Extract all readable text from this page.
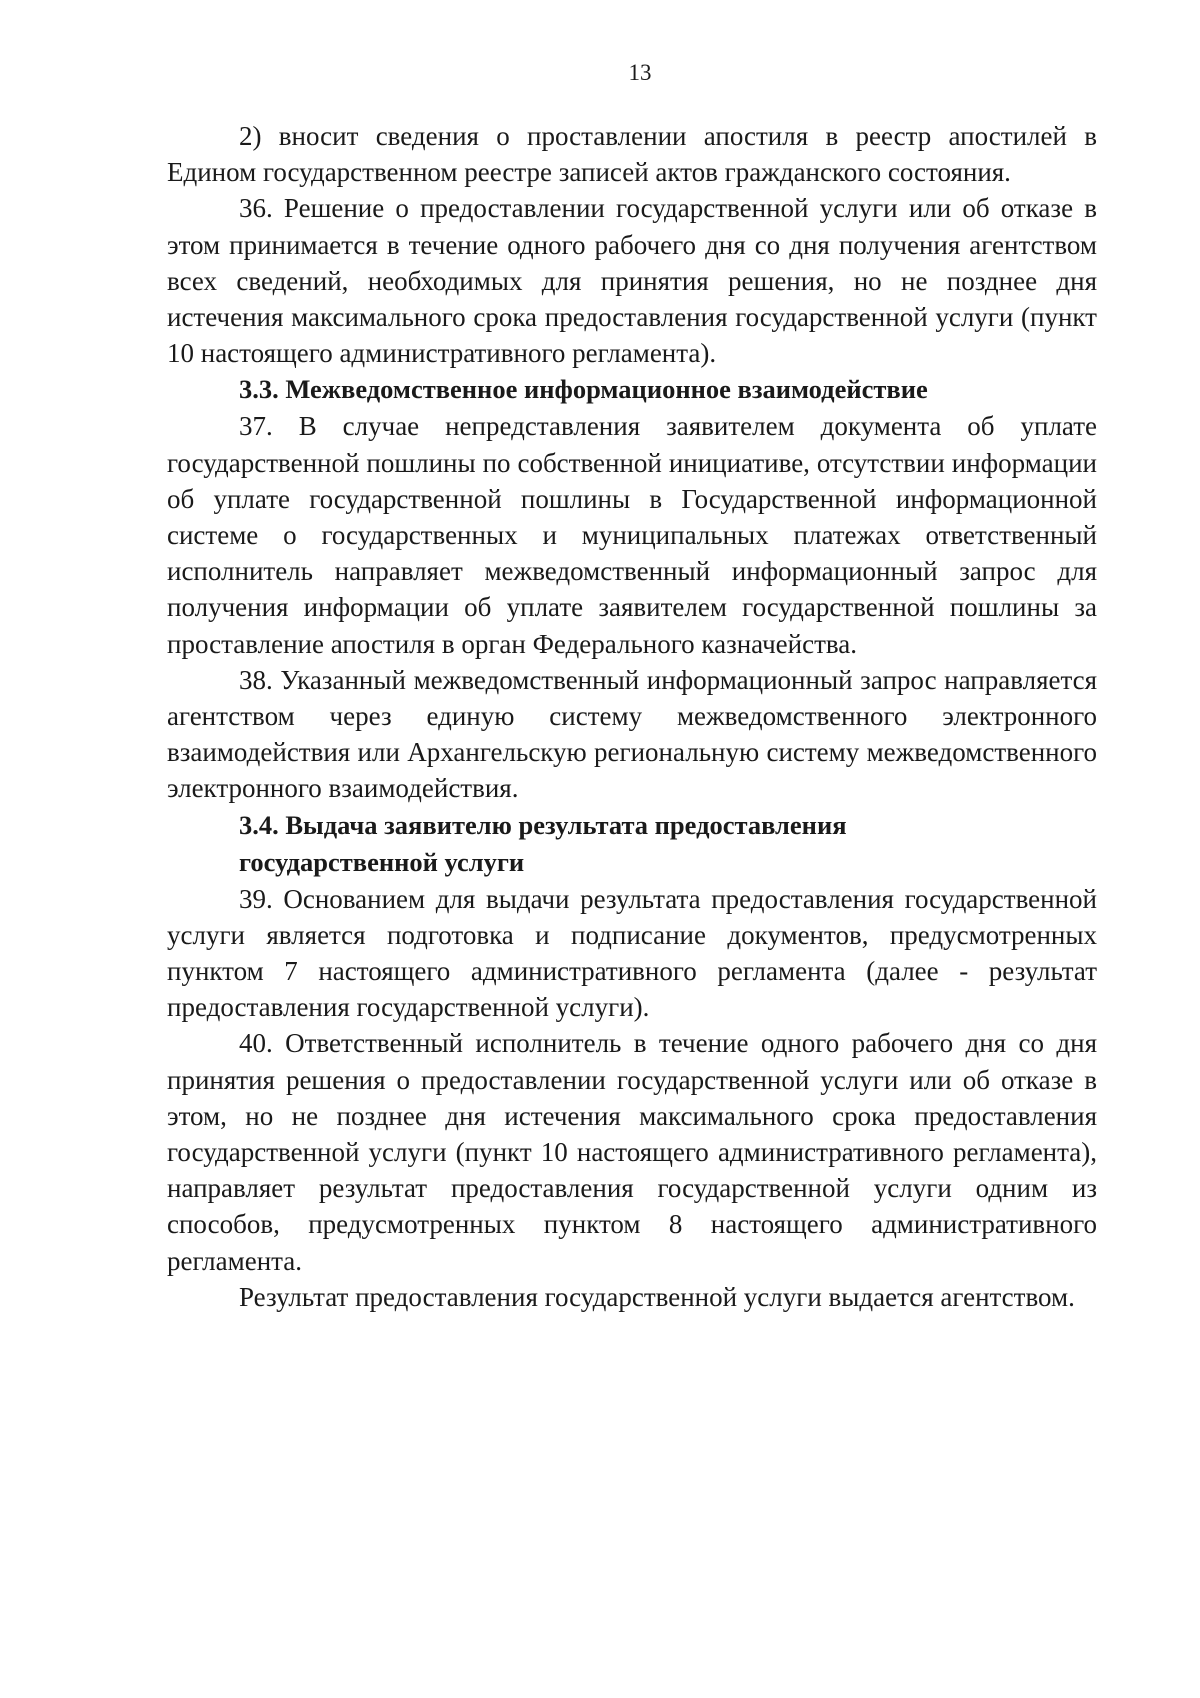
13

2) вносит сведения о проставлении апостиля в реестр апостилей в Едином государственном реестре записей актов гражданского состояния.

36. Решение о предоставлении государственной услуги или об отказе в этом принимается в течение одного рабочего дня со дня получения агентством всех сведений, необходимых для принятия решения, но не позднее дня истечения максимального срока предоставления государственной услуги (пункт 10 настоящего административного регламента).

3.3. Межведомственное информационное взаимодействие

37. В случае непредставления заявителем документа об уплате государственной пошлины по собственной инициативе, отсутствии информации об уплате государственной пошлины в Государственной информационной системе о государственных и муниципальных платежах ответственный исполнитель направляет межведомственный информационный запрос для получения информации об уплате заявителем государственной пошлины за проставление апостиля в орган Федерального казначейства.

38. Указанный межведомственный информационный запрос направляется агентством через единую систему межведомственного электронного взаимодействия или Архангельскую региональную систему межведомственного электронного взаимодействия.

3.4. Выдача заявителю результата предоставления
государственной услуги

39. Основанием для выдачи результата предоставления государственной услуги является подготовка и подписание документов, предусмотренных пунктом 7 настоящего административного регламента (далее - результат предоставления государственной услуги).

40. Ответственный исполнитель в течение одного рабочего дня со дня принятия решения о предоставлении государственной услуги или об отказе в этом, но не позднее дня истечения максимального срока предоставления государственной услуги (пункт 10 настоящего административного регламента), направляет результат предоставления государственной услуги одним из способов, предусмотренных пунктом 8 настоящего административного регламента.

Результат предоставления государственной услуги выдается агентством.
